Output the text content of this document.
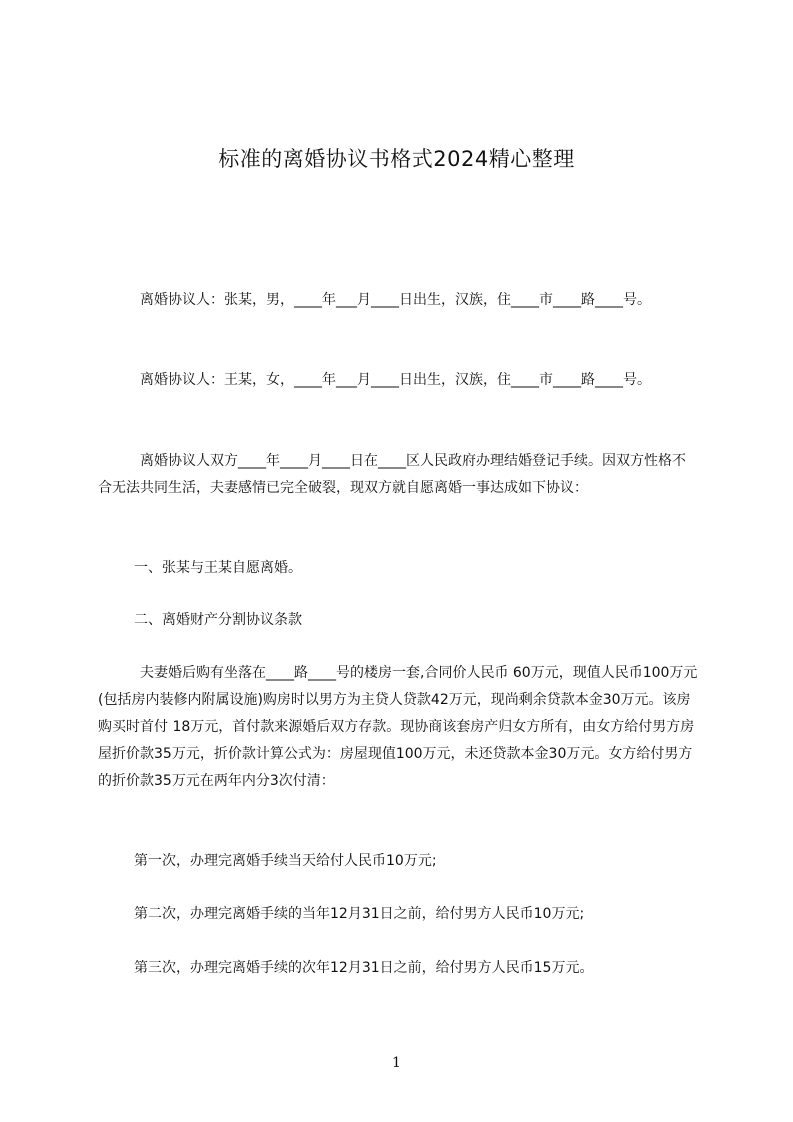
标准的离婚协议书格式2024精心整理

离婚协议人：张某，男，____年___月____日出生，汉族，住____市____路____号。

离婚协议人：王某，女，____年___月____日出生，汉族，住____市____路____号。

离婚协议人双方____年____月____日在____区人民政府办理结婚登记手续。因双方性格不合无法共同生活，夫妻感情已完全破裂，现双方就自愿离婚一事达成如下协议：

一、张某与王某自愿离婚。

二、离婚财产分割协议条款

夫妻婚后购有坐落在____路____号的楼房一套,合同价人民币 60万元，现值人民币100万元(包括房内装修内附属设施)购房时以男方为主贷人贷款42万元，现尚剩余贷款本金30万元。该房购买时首付 18万元，首付款来源婚后双方存款。现协商该套房产归女方所有，由女方给付男方房屋折价款35万元，折价款计算公式为：房屋现值100万元，未还贷款本金30万元。女方给付男方的折价款35万元在两年内分3次付清：

第一次，办理完离婚手续当天给付人民币10万元;

第二次，办理完离婚手续的当年12月31日之前，给付男方人民币10万元;

第三次，办理完离婚手续的次年12月31日之前，给付男方人民币15万元。

1
